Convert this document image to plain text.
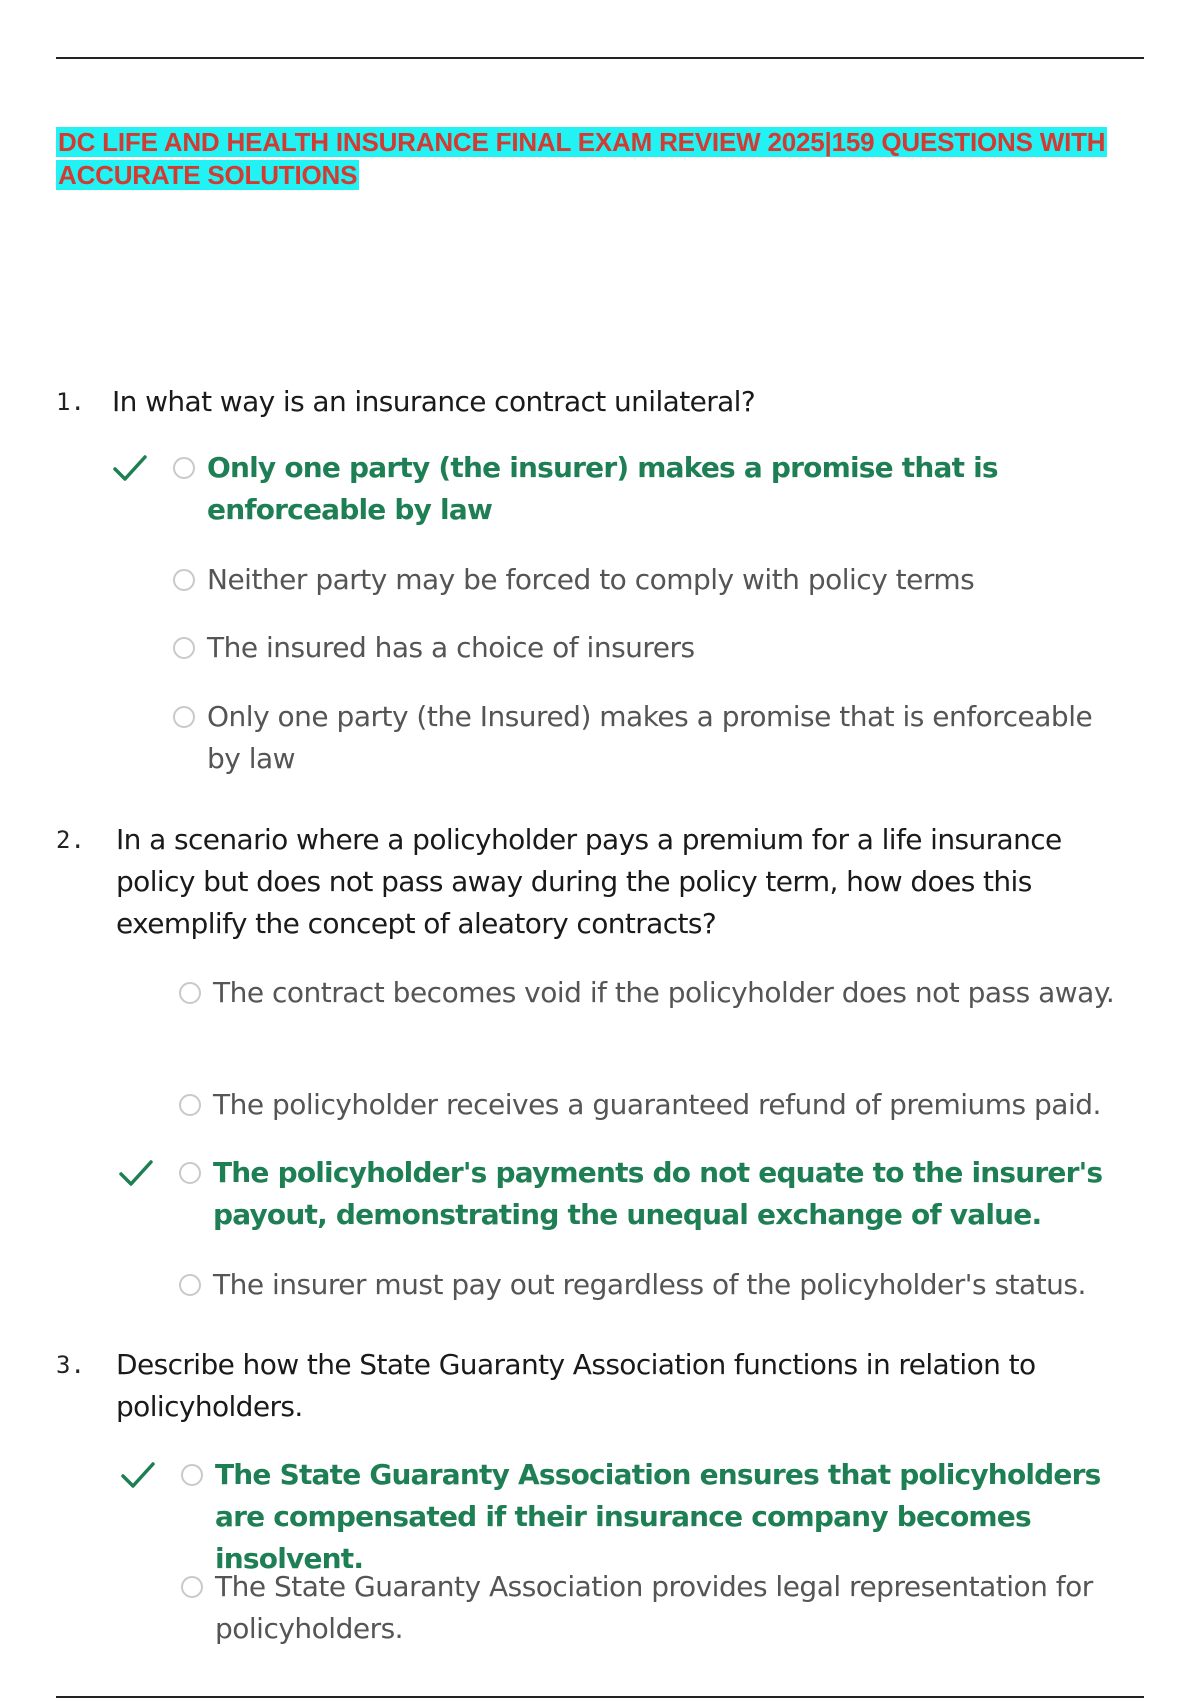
DC LIFE AND HEALTH INSURANCE FINAL EXAM REVIEW 2025|159 QUESTIONS WITH ACCURATE SOLUTIONS
1. In what way is an insurance contract unilateral?
Only one party (the insurer) makes a promise that is enforceable by law
Neither party may be forced to comply with policy terms
The insured has a choice of insurers
Only one party (the Insured) makes a promise that is enforceable by law
2. In a scenario where a policyholder pays a premium for a life insurance policy but does not pass away during the policy term, how does this exemplify the concept of aleatory contracts?
The contract becomes void if the policyholder does not pass away.
The policyholder receives a guaranteed refund of premiums paid.
The policyholder's payments do not equate to the insurer's payout, demonstrating the unequal exchange of value.
The insurer must pay out regardless of the policyholder's status.
3. Describe how the State Guaranty Association functions in relation to policyholders.
The State Guaranty Association ensures that policyholders are compensated if their insurance company becomes insolvent.
The State Guaranty Association provides legal representation for policyholders.
